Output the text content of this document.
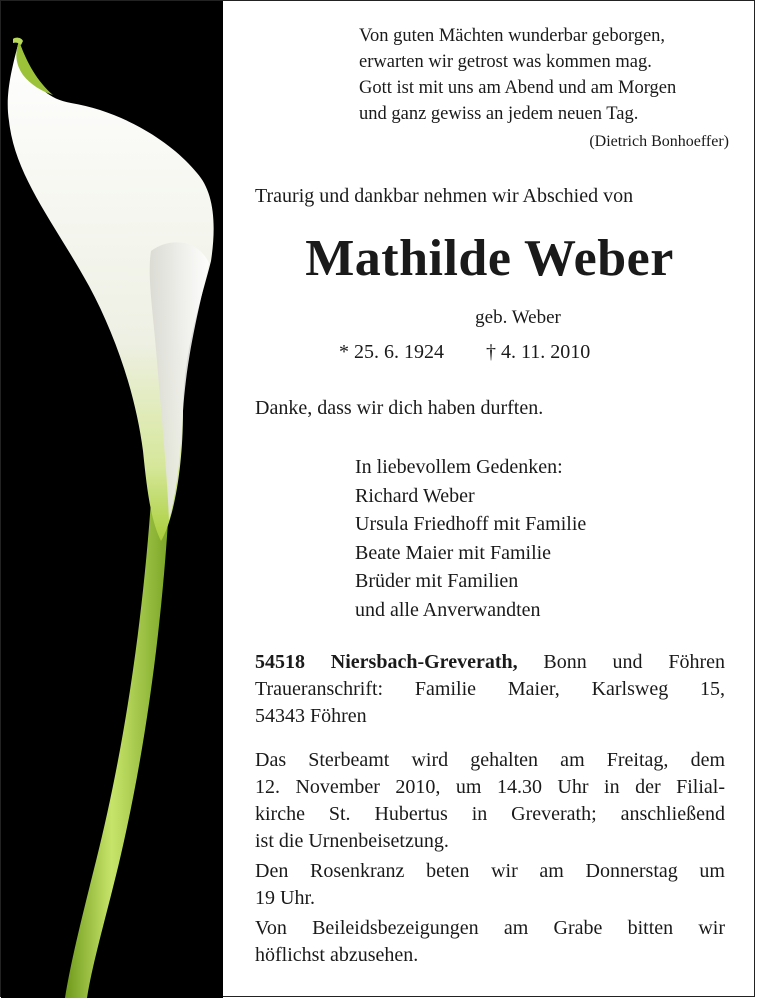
Von guten Mächten wunderbar geborgen,
erwarten wir getrost was kommen mag.
Gott ist mit uns am Abend und am Morgen
und ganz gewiss an jedem neuen Tag.
(Dietrich Bonhoeffer)
Traurig und dankbar nehmen wir Abschied von
Mathilde Weber
geb. Weber
* 25. 6. 1924 † 4. 11. 2010
Danke, dass wir dich haben durften.
In liebevollem Gedenken:
Richard Weber
Ursula Friedhoff mit Familie
Beate Maier mit Familie
Brüder mit Familien
und alle Anverwandten
54518 Niersbach-Greverath, Bonn und Föhren
Traueranschrift: Familie Maier, Karlsweg 15,
54343 Föhren

Das Sterbeamt wird gehalten am Freitag, dem
12. November 2010, um 14.30 Uhr in der Filial-
kirche St. Hubertus in Greverath; anschließend
ist die Urnenbeisetzung.

Den Rosenkranz beten wir am Donnerstag um
19 Uhr.

Von Beileidsbezeigungen am Grabe bitten wir
höflichst abzusehen.
